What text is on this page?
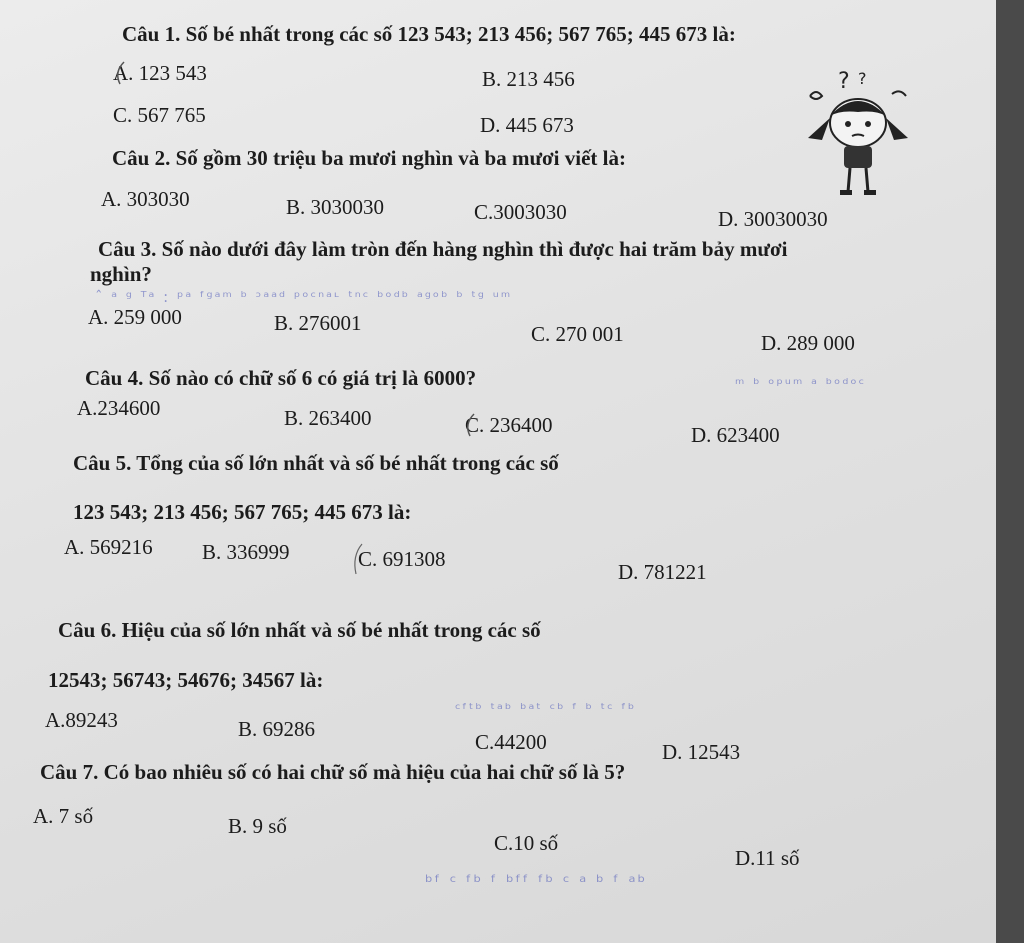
Câu 1. Số bé nhất trong các số 123 543; 213 456; 567 765; 445 673 là:
A. 123 543	B. 213 456
C. 567 765	D. 445 673
? ?
Câu 2. Số gồm 30 triệu ba mươi nghìn và ba mươi viết là:
A. 303030	B. 3030030	C.3003030	D. 30030030
Câu 3. Số nào dưới đây làm tròn đến hàng nghìn thì được hai trăm bảy mươi
nghìn?
ˆ ᵃ ᵍ ᵀᵃ : ᵖᵃ ᶠᵍᵃᵐ ᵇ ᵓᵃᵃᵈ ᵖᵒᶜⁿᵃᶫ ᵗⁿᶜ ᵇᵒᵈᵇ ᵃᵍᵒᵇ ᵇ ᵗᵍ ᵘᵐ
A. 259 000	B. 276001	C. 270 001	D. 289 000
Câu 4. Số nào có chữ số 6 có giá trị là 6000?	ᵐ ᵇ ᵒᵖᵘᵐ ᵃ ᵇᵒᵈᵒᶜ
A.234600	B. 263400	C. 236400	D. 623400
Câu 5. Tổng của số lớn nhất và số bé nhất trong các số
123 543; 213 456; 567 765; 445 673 là:
A. 569216 B. 336999	C. 691308
D. 781221
Câu 6. Hiệu của số lớn nhất và số bé nhất trong các số
12543; 56743; 54676; 34567 là:
ᶜᶠᵗᵇ ᵗᵃᵇ ᵇᵃᵗ ᶜᵇ ᶠ ᵇ ᵗᶜ ᶠᵇ
A.89243	B. 69286
C.44200	D. 12543
Câu 7. Có bao nhiêu số có hai chữ số mà hiệu của hai chữ số là 5?
A. 7 số	B. 9 số
C.10 số
D.11 số
ᵇᶠ ᶜ ᶠᵇ ᶠ ᵇᶠᶠ ᶠᵇ ᶜ ᵃ ᵇ ᶠ ᵃᵇ
